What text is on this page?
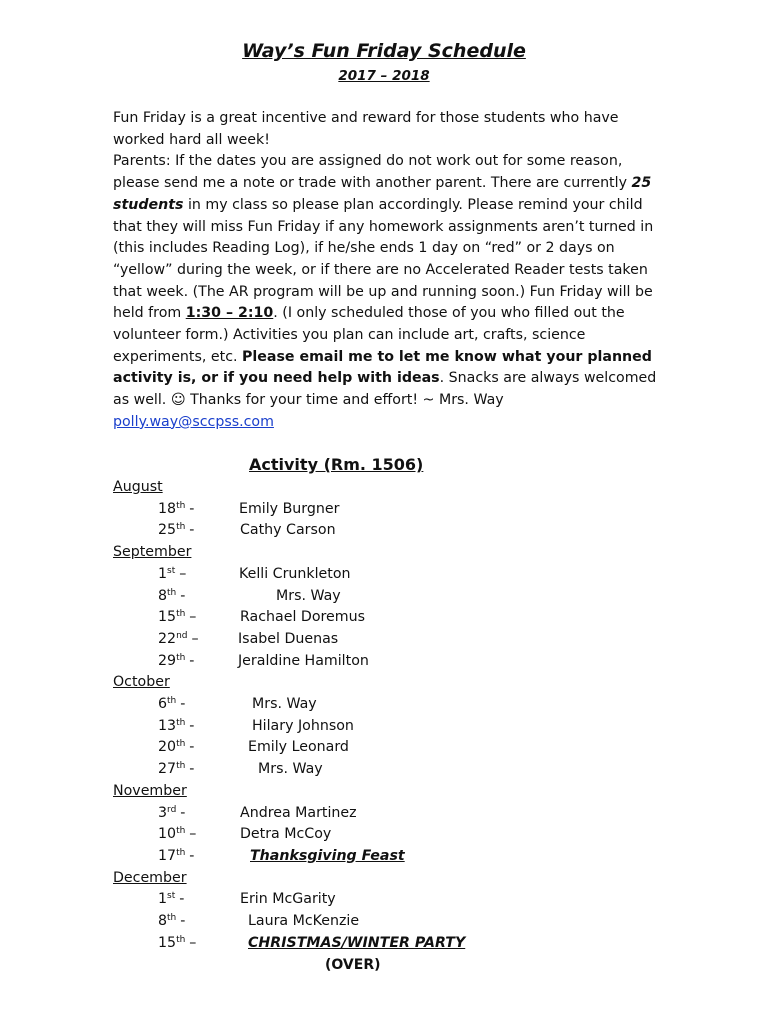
Way’s Fun Friday Schedule
2017 – 2018

Fun Friday is a great incentive and reward for those students who have worked hard all week!

Parents: If the dates you are assigned do not work out for some reason, please send me a note or trade with another parent. There are currently 25 students in my class so please plan accordingly. Please remind your child that they will miss Fun Friday if any homework assignments aren’t turned in (this includes Reading Log), if he/she ends 1 day on “red” or 2 days on “yellow” during the week, or if there are no Accelerated Reader tests taken that week. (The AR program will be up and running soon.) Fun Friday will be held from 1:30 – 2:10. (I only scheduled those of you who filled out the volunteer form.) Activities you plan can include art, crafts, science experiments, etc. Please email me to let me know what your planned activity is, or if you need help with ideas. Snacks are always welcomed as well. ☺ Thanks for your time and effort! ~ Mrs. Way

polly.way@sccpss.com
Activity (Rm. 1506)
August
18th -	Emily Burgner
25th -	Cathy Carson
September
1st –	Kelli Crunkleton
8th -	Mrs. Way
15th –	Rachael Doremus
22nd –	Isabel Duenas
29th -	Jeraldine Hamilton
October
6th -	Mrs. Way
13th -	Hilary Johnson
20th -	Emily Leonard
27th -	Mrs. Way
November
3rd -	Andrea Martinez
10th –	Detra McCoy
17th -	Thanksgiving Feast
December
1st -	Erin McGarity
8th -	Laura McKenzie
15th –	CHRISTMAS/WINTER PARTY
(OVER)
